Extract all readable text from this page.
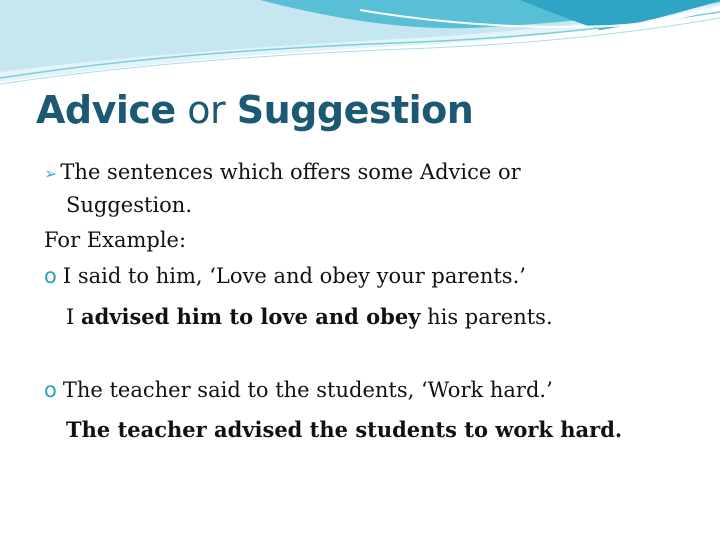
Advice or Suggestion
➢ The sentences which offers some Advice or
Suggestion.
For Example:
o I said to him, ‘Love and obey your parents.’
I advised him to love and obey his parents.
o The teacher said to the students, ‘Work hard.’
The teacher advised the students to work hard.
